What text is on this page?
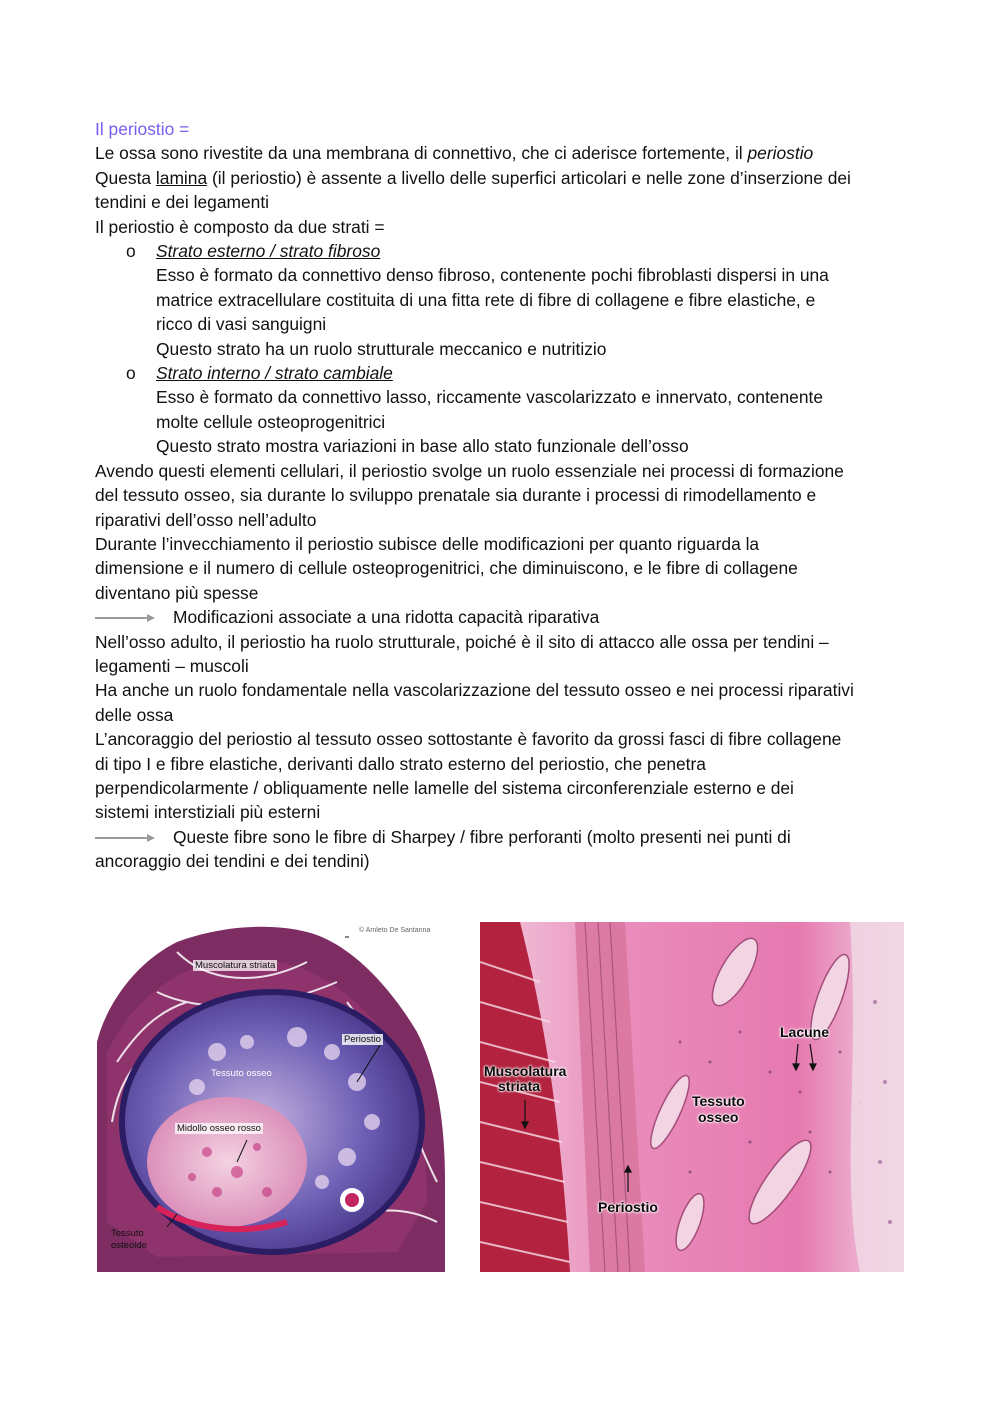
Il periostio =
Le ossa sono rivestite da una membrana di connettivo, che ci aderisce fortemente, il periostio
Questa lamina (il periostio) è assente a livello delle superfici articolari e nelle zone d’inserzione dei
tendini e dei legamenti
Il periostio è composto da due strati =
o Strato esterno / strato fibroso
Esso è formato da connettivo denso fibroso, contenente pochi fibroblasti dispersi in una
matrice extracellulare costituita di una fitta rete di fibre di collagene e fibre elastiche, e
ricco di vasi sanguigni
Questo strato ha un ruolo strutturale meccanico e nutritizio
o Strato interno / strato cambiale
Esso è formato da connettivo lasso, riccamente vascolarizzato e innervato, contenente
molte cellule osteoprogenitrici
Questo strato mostra variazioni in base allo stato funzionale dell’osso
Avendo questi elementi cellulari, il periostio svolge un ruolo essenziale nei processi di formazione
del tessuto osseo, sia durante lo sviluppo prenatale sia durante i processi di rimodellamento e
riparativi dell’osso nell’adulto
Durante l’invecchiamento il periostio subisce delle modificazioni per quanto riguarda la
dimensione e il numero di cellule osteoprogenitrici, che diminuiscono, e le fibre di collagene
diventano più spesse
Modificazioni associate a una ridotta capacità riparativa
Nell’osso adulto, il periostio ha ruolo strutturale, poiché è il sito di attacco alle ossa per tendini –
legamenti – muscoli
Ha anche un ruolo fondamentale nella vascolarizzazione del tessuto osseo e nei processi riparativi
delle ossa
L’ancoraggio del periostio al tessuto osseo sottostante è favorito da grossi fasci di fibre collagene
di tipo I e fibre elastiche, derivanti dallo strato esterno del periostio, che penetra
perpendicolarmente / obliquamente nelle lamelle del sistema circonferenziale esterno e dei
sistemi interstiziali più esterni
Queste fibre sono le fibre di Sharpey / fibre perforanti (molto presenti nei punti di
ancoraggio dei tendini e dei tendini)
© Amleto De Santanna
Muscolatura striata
Periostio
Tessuto osseo
Midollo osseo rosso
Tessuto
osteoide
Muscolatura
striata
Lacune
Tessuto
osseo
Periostio
